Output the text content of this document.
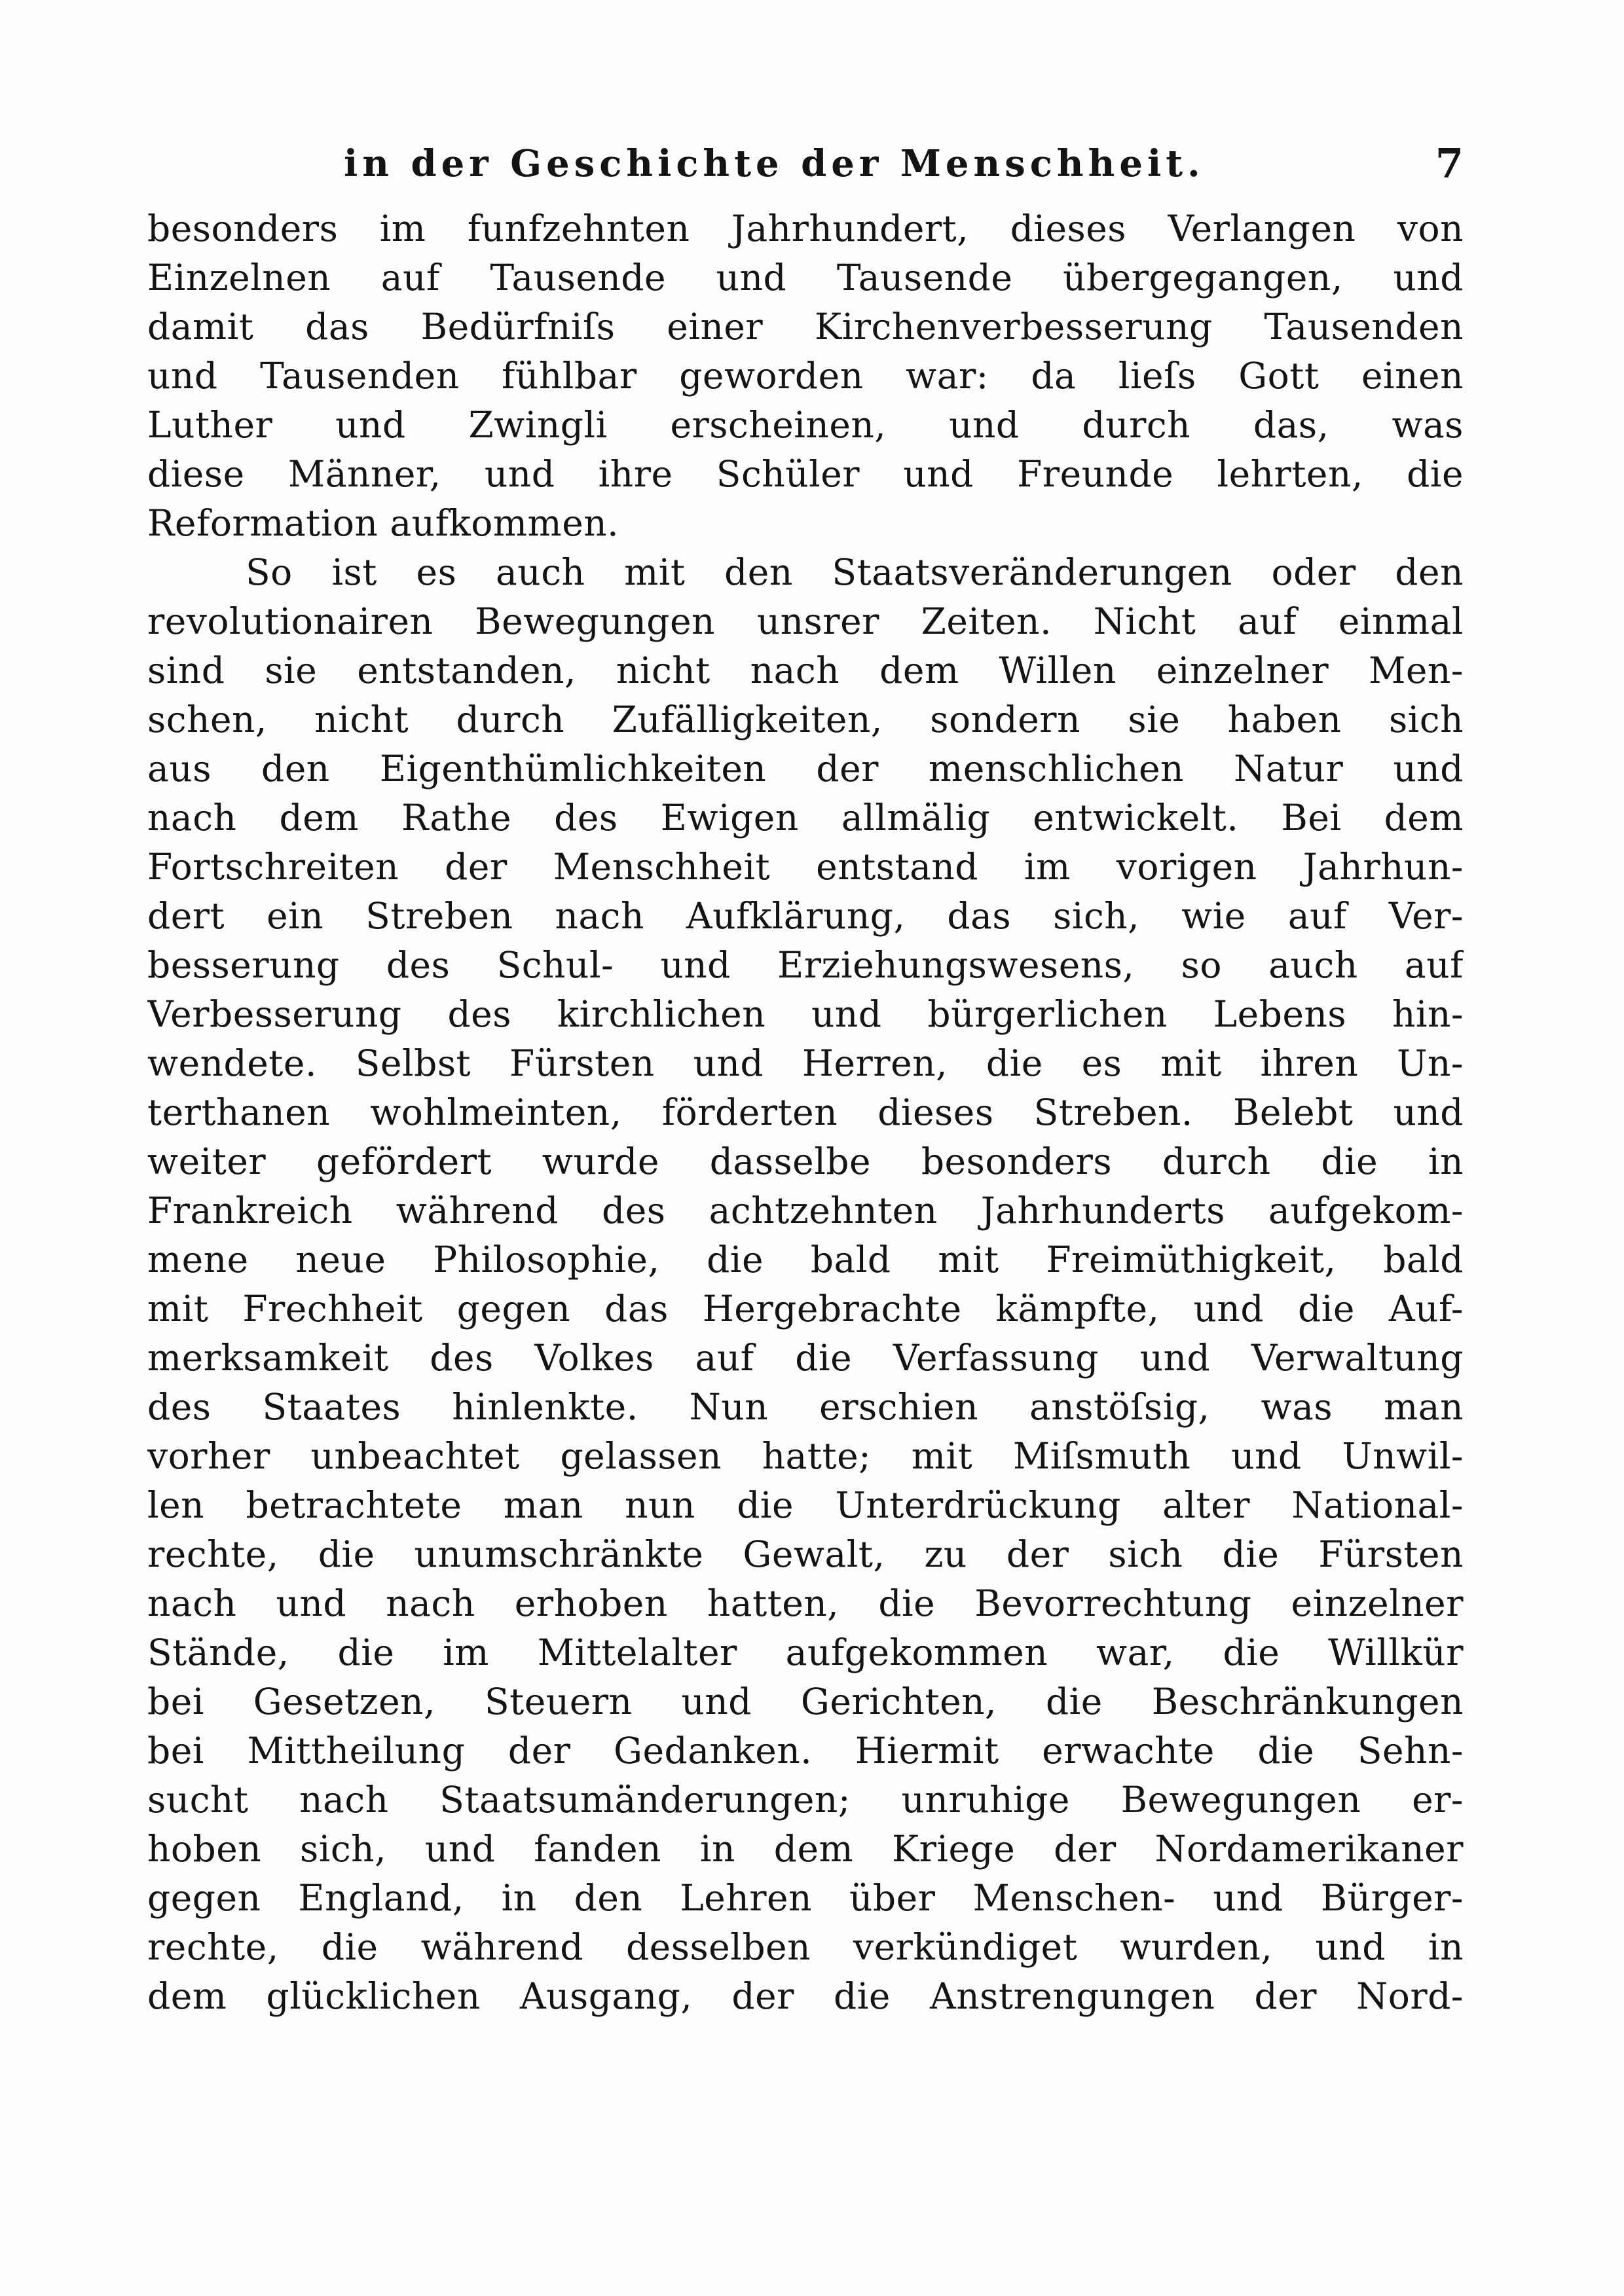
in der Geschichte der Menschheit.	7
besonders im funfzehnten Jahrhundert, dieses Verlangen von
Einzelnen auf Tausende und Tausende übergegangen, und
damit das Bedürfniſs einer Kirchenverbesserung Tausenden
und Tausenden fühlbar geworden war: da lieſs Gott einen
Luther und Zwingli erscheinen, und durch das, was
diese Männer, und ihre Schüler und Freunde lehrten, die
Reformation aufkommen.
So ist es auch mit den Staatsveränderungen oder den
revolutionairen Bewegungen unsrer Zeiten. Nicht auf einmal
sind sie entstanden, nicht nach dem Willen einzelner Men-
schen, nicht durch Zufälligkeiten, sondern sie haben sich
aus den Eigenthümlichkeiten der menschlichen Natur und
nach dem Rathe des Ewigen allmälig entwickelt. Bei dem
Fortschreiten der Menschheit entstand im vorigen Jahrhun-
dert ein Streben nach Aufklärung, das sich, wie auf Ver-
besserung des Schul- und Erziehungswesens, so auch auf
Verbesserung des kirchlichen und bürgerlichen Lebens hin-
wendete. Selbst Fürsten und Herren, die es mit ihren Un-
terthanen wohlmeinten, förderten dieses Streben. Belebt und
weiter gefördert wurde dasselbe besonders durch die in
Frankreich während des achtzehnten Jahrhunderts aufgekom-
mene neue Philosophie, die bald mit Freimüthigkeit, bald
mit Frechheit gegen das Hergebrachte kämpfte, und die Auf-
merksamkeit des Volkes auf die Verfassung und Verwaltung
des Staates hinlenkte. Nun erschien anstöſsig, was man
vorher unbeachtet gelassen hatte; mit Miſsmuth und Unwil-
len betrachtete man nun die Unterdrückung alter National-
rechte, die unumschränkte Gewalt, zu der sich die Fürsten
nach und nach erhoben hatten, die Bevorrechtung einzelner
Stände, die im Mittelalter aufgekommen war, die Willkür
bei Gesetzen, Steuern und Gerichten, die Beschränkungen
bei Mittheilung der Gedanken. Hiermit erwachte die Sehn-
sucht nach Staatsumänderungen; unruhige Bewegungen er-
hoben sich, und fanden in dem Kriege der Nordamerikaner
gegen England, in den Lehren über Menschen- und Bürger-
rechte, die während desselben verkündiget wurden, und in
dem glücklichen Ausgang, der die Anstrengungen der Nord-
